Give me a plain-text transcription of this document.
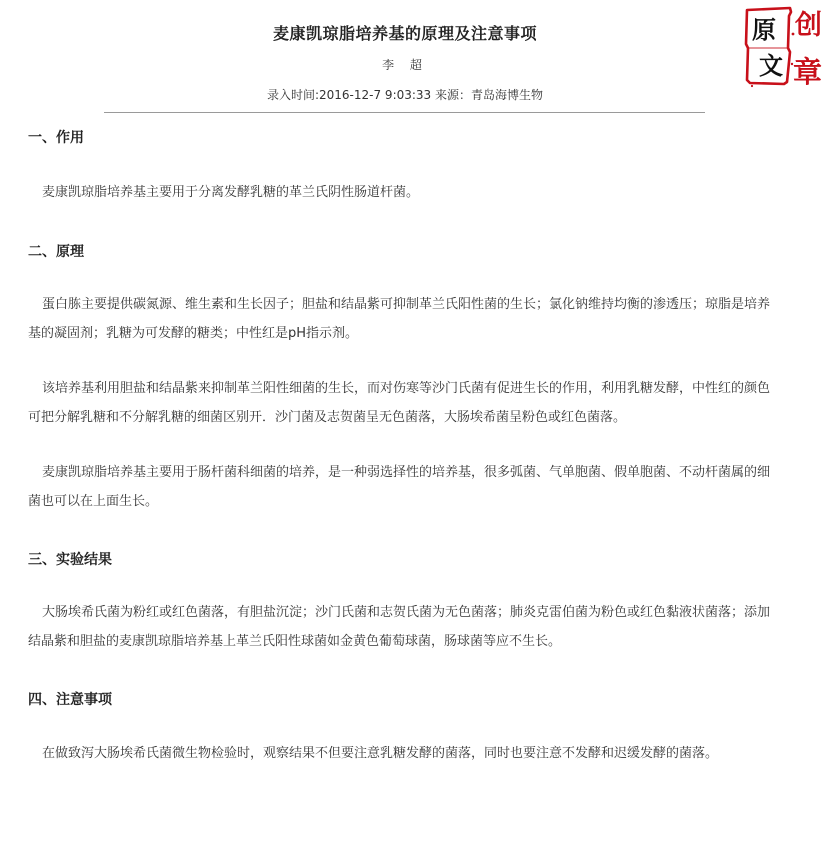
麦康凯琼脂培养基的原理及注意事项
李 超
录入时间:2016-12-7 9:03:33 来源：青岛海博生物
原 创
文 章
一、作用

麦康凯琼脂培养基主要用于分离发酵乳糖的革兰氏阴性肠道杆菌。

二、原理

蛋白胨主要提供碳氮源、维生素和生长因子；胆盐和结晶紫可抑制革兰氏阳性菌的生长；氯化钠维持均衡的渗透压；琼脂是培养基的凝固剂；乳糖为可发酵的糖类；中性红是pH指示剂。

该培养基利用胆盐和结晶紫来抑制革兰阳性细菌的生长，而对伤寒等沙门氏菌有促进生长的作用，利用乳糖发酵，中性红的颜色可把分解乳糖和不分解乳糖的细菌区别开．沙门菌及志贺菌呈无色菌落，大肠埃希菌呈粉色或红色菌落。

麦康凯琼脂培养基主要用于肠杆菌科细菌的培养，是一种弱选择性的培养基，很多弧菌、气单胞菌、假单胞菌、不动杆菌属的细菌也可以在上面生长。

三、实验结果

大肠埃希氏菌为粉红或红色菌落，有胆盐沉淀；沙门氏菌和志贺氏菌为无色菌落；肺炎克雷伯菌为粉色或红色黏液状菌落；添加结晶紫和胆盐的麦康凯琼脂培养基上革兰氏阳性球菌如金黄色葡萄球菌，肠球菌等应不生长。

四、注意事项

在做致泻大肠埃希氏菌微生物检验时，观察结果不但要注意乳糖发酵的菌落，同时也要注意不发酵和迟缓发酵的菌落。
